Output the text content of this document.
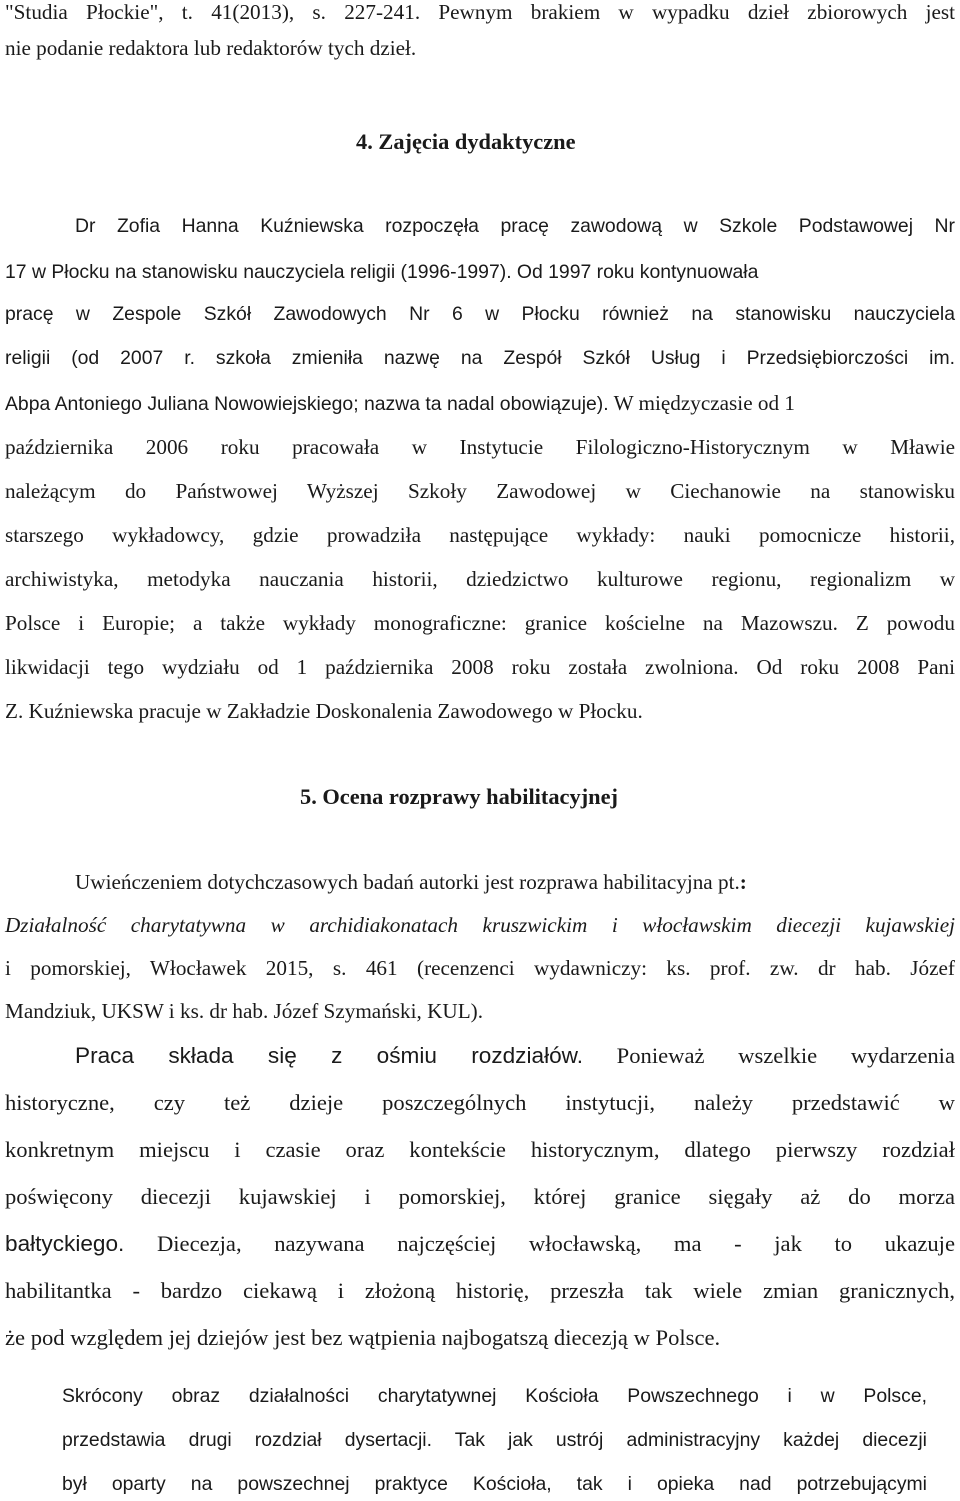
"Studia Płockie", t. 41(2013), s. 227-241. Pewnym brakiem w wypadku dzieł zbiorowych jest

nie podanie redaktora lub redaktorów tych dzieł.

4. Zajęcia dydaktyczne

Dr Zofia Hanna Kuźniewska rozpoczęła pracę zawodową w Szkole Podstawowej Nr

17 w Płocku na stanowisku nauczyciela religii (1996-1997). Od 1997 roku kontynuowała

pracę w Zespole Szkół Zawodowych Nr 6 w Płocku również na stanowisku nauczyciela

religii (od 2007 r. szkoła zmieniła nazwę na Zespół Szkół Usług i Przedsiębiorczości im.

Abpa Antoniego Juliana Nowowiejskiego; nazwa ta nadal obowiązuje). W międzyczasie od 1

października 2006 roku pracowała w Instytucie Filologiczno-Historycznym w Mławie

należącym do Państwowej Wyższej Szkoły Zawodowej w Ciechanowie na stanowisku

starszego wykładowcy, gdzie prowadziła następujące wykłady: nauki pomocnicze historii,

archiwistyka, metodyka nauczania historii, dziedzictwo kulturowe regionu, regionalizm w

Polsce i Europie; a także wykłady monograficzne: granice kościelne na Mazowszu. Z powodu

likwidacji tego wydziału od 1 października 2008 roku została zwolniona. Od roku 2008 Pani

Z. Kuźniewska pracuje w Zakładzie Doskonalenia Zawodowego w Płocku.

5. Ocena rozprawy habilitacyjnej

Uwieńczeniem dotychczasowych badań autorki jest rozprawa habilitacyjna pt.:

Działalność charytatywna w archidiakonatach kruszwickim i włocławskim diecezji kujawskiej

i pomorskiej, Włocławek 2015, s. 461 (recenzenci wydawniczy: ks. prof. zw. dr hab. Józef

Mandziuk, UKSW i ks. dr hab. Józef Szymański, KUL).

Praca składa się z ośmiu rozdziałów. Ponieważ wszelkie wydarzenia

historyczne, czy też dzieje poszczególnych instytucji, należy przedstawić w

konkretnym miejscu i czasie oraz kontekście historycznym, dlatego pierwszy rozdział

poświęcony diecezji kujawskiej i pomorskiej, której granice sięgały aż do morza

bałtyckiego. Diecezja, nazywana najczęściej włocławską, ma - jak to ukazuje

habilitantka - bardzo ciekawą i złożoną historię, przeszła tak wiele zmian granicznych,

że pod względem jej dziejów jest bez wątpienia najbogatszą diecezją w Polsce.

Skrócony obraz działalności charytatywnej Kościoła Powszechnego i w Polsce,

przedstawia drugi rozdział dysertacji. Tak jak ustrój administracyjny każdej diecezji

był oparty na powszechnej praktyce Kościoła, tak i opieka nad potrzebującymi
